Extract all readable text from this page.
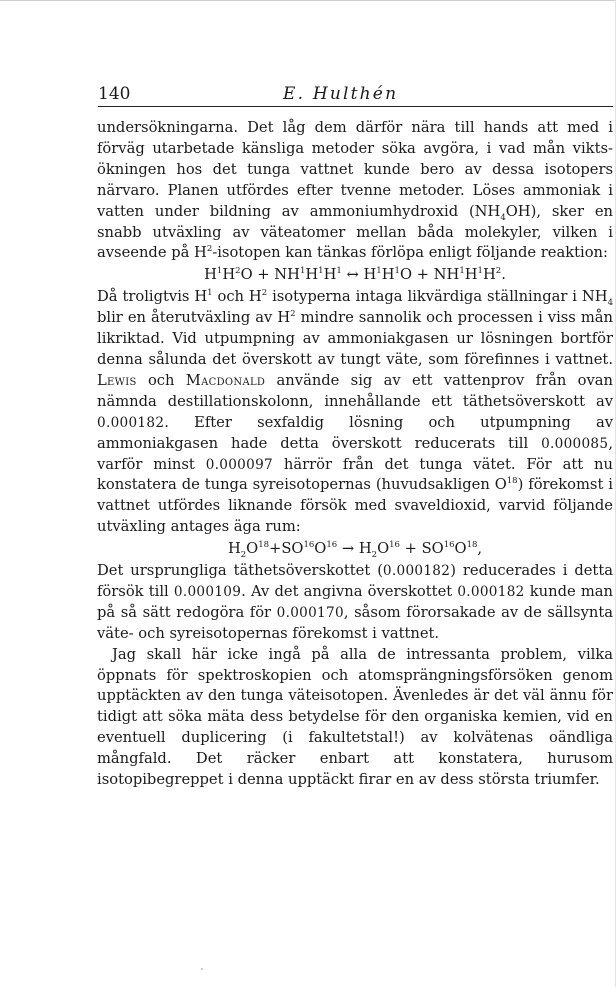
140	E. Hulthén

undersökningarna. Det låg dem därför nära till hands att med i förväg utarbetade känsliga metoder söka avgöra, i vad mån viktsökningen hos det tunga vattnet kunde bero av dessa isotopers närvaro. Planen utfördes efter tvenne metoder. Löses ammoniak i vatten under bildning av ammoniumhydroxid $(NH_4OH)$, sker en snabb utväxling av väteatomer mellan båda molekyler, vilken i avseende på $H^2$-isotopen kan tänkas förlöpa enligt följande reaktion:

$H^1H^2O + NH^1H^1H^1$ ↔ $H^1H^1O + NH^1H^1H^2$.

Då troligtvis $H^1$ och $H^2$ isotyperna intaga likvärdiga ställningar i $NH_4$ blir en återutväxling av $H^2$ mindre sannolik och processen i viss mån likriktad. Vid utpumpning av ammoniakgasen ur lösningen bortför denna sålunda det överskott av tungt väte, som förefinnes i vattnet. Lewis och Macdonald använde sig av ett vattenprov från ovan nämnda destillationskolonn, innehållande ett täthetsöverskott av 0.000182. Efter sexfaldig lösning och utpumpning av ammoniakgasen hade detta överskott reducerats till 0.000085, varför minst 0.000097 härrör från det tunga vätet. För att nu konstatera de tunga syreisotopernas (huvudsakligen $O^{18}$) förekomst i vattnet utfördes liknande försök med svaveldioxid, varvid följande utväxling antages äga rum:

$H_2O^{18}+SO^{16}O^{16} \to H_2O^{16} + SO^{16}O^{18}$,

Det ursprungliga täthetsöverskottet (0.000182) reducerades i detta försök till 0.000109. Av det angivna överskottet 0.000182 kunde man på så sätt redogöra för 0.000170, såsom förorsakade av de sällsynta väte- och syreisotopernas förekomst i vattnet.

Jag skall här icke ingå på alla de intressanta problem, vilka öppnats för spektroskopien och atomsprängningsförsöken genom upptäckten av den tunga väteisotopen. Ävenledes är det väl ännu för tidigt att söka mäta dess betydelse för den organiska kemien, vid en eventuell duplicering (i fakultetstal!) av kolvätenas oändliga mångfald. Det räcker enbart att konstatera, hurusom isotopibegreppet i denna upptäckt firar en av dess största triumfer.
